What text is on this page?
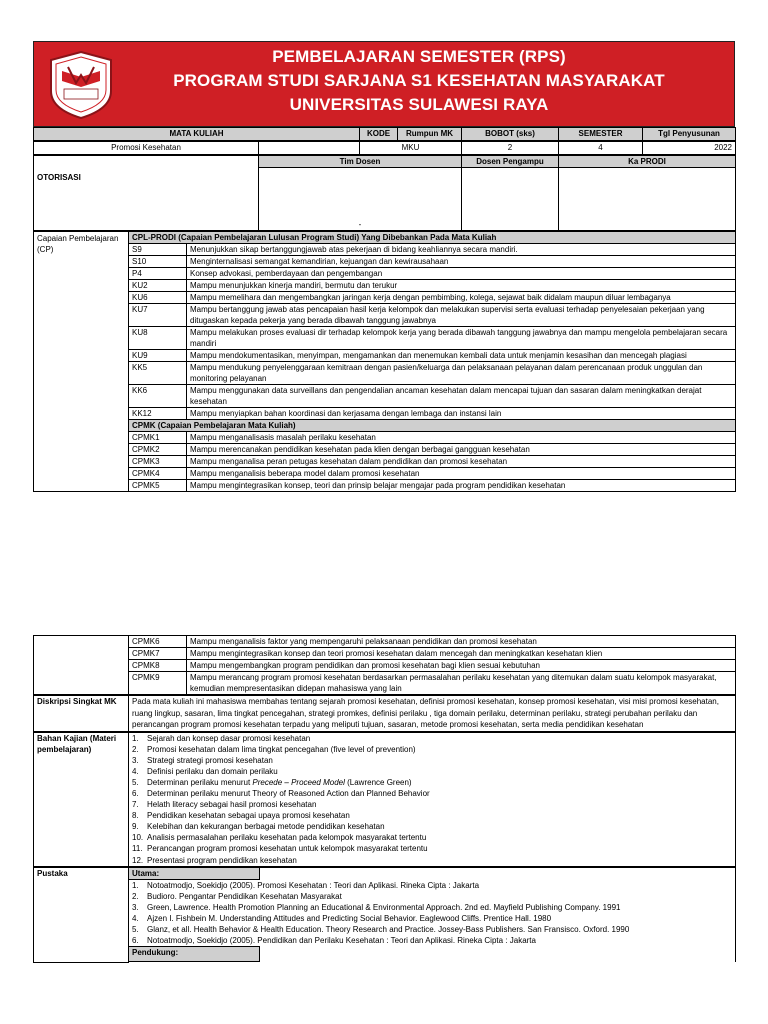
PEMBELAJARAN SEMESTER (RPS)
PROGRAM STUDI SARJANA S1 KESEHATAN MASYARAKAT
UNIVERSITAS SULAWESI RAYA
MATA KULIAH	KODE	Rumpun MK	BOBOT (sks)	SEMESTER	Tgl Penyusunan
Promosi Kesehatan		MKU	2	4	2022
OTORISASI	Tim Dosen	Dosen Pengampu	Ka PRODI
	-		
Capaian Pembelajaran (CP)	CPL-PRODI (Capaian Pembelajaran Lulusan Program Studi) Yang Dibebankan Pada Mata Kuliah	
	S9	Menunjukkan sikap bertanggungjawab atas pekerjaan di bidang keahliannya secara mandiri.
	S10	Menginternalisasi semangat kemandirian, kejuangan dan kewirausahaan
	P4	Konsep advokasi, pemberdayaan dan pengembangan
	KU2	Mampu menunjukkan kinerja mandiri, bermutu dan terukur
	KU6	Mampu memelihara dan mengembangkan jaringan kerja dengan pembimbing, kolega, sejawat baik didalam maupun diluar lembaganya
	KU7	Mampu bertanggung jawab atas pencapaian hasil kerja kelompok dan melakukan supervisi serta evaluasi terhadap penyelesaian pekerjaan yang ditugaskan kepada pekerja yang berada dibawah tanggung jawabnya
	KU8	Mampu melakukan proses evaluasi dir terhadap kelompok kerja yang berada dibawah tanggung jawabnya dan mampu mengelola pembelajaran secara mandiri
	KU9	Mampu mendokumentasikan, menyimpan, mengamankan dan menemukan kembali data untuk menjamin kesasihan dan mencegah plagiasi
	KK5	Mampu mendukung penyelenggaraan kemitraan dengan pasien/keluarga dan pelaksanaan pelayanan dalam perencanaan produk unggulan dan monitoring pelayanan
	KK6	Mampu menggunakan data surveillans dan pengendalian ancaman kesehatan dalam mencapai tujuan dan sasaran dalam meningkatkan derajat kesehatan
	KK12	Mampu menyiapkan bahan koordinasi dan kerjasama dengan lembaga dan instansi lain
	CPMK (Capaian Pembelajaran Mata Kuliah)	
	CPMK1	Mampu menganalisasis masalah perilaku kesehatan
	CPMK2	Mampu merencanakan pendidikan kesehatan pada klien dengan berbagai gangguan kesehatan
	CPMK3	Mampu menganalisa peran petugas kesehatan dalam pendidikan dan promosi kesehatan
	CPMK4	Mampu menganalisis beberapa model dalam promosi kesehatan
	CPMK5	Mampu mengintegrasikan konsep, teori dan prinsip belajar mengajar pada program pendidikan kesehatan
	CPMK6	Mampu menganalisis faktor yang mempengaruhi pelaksanaan pendidikan dan promosi kesehatan
	CPMK7	Mampu mengintegrasikan konsep dan teori promosi kesehatan dalam mencegah dan meningkatkan kesehatan klien
	CPMK8	Mampu mengembangkan program pendidikan dan promosi kesehatan bagi klien sesuai kebutuhan
	CPMK9	Mampu merancang program promosi kesehatan berdasarkan permasalahan perilaku kesehatan yang ditemukan dalam suatu kelompok masyarakat, kemudian mempresentasikan didepan mahasiswa yang lain
Diskripsi Singkat MK	Pada mata kuliah ini mahasiswa membahas tentang sejarah promosi kesehatan, definisi promosi kesehatan, konsep promosi kesehatan, visi misi promosi kesehatan, ruang lingkup, sasaran, lima tingkat pencegahan, strategi promkes, definisi perilaku , tiga domain perilaku, determinan perilaku, strategi perubahan perilaku dan perancangan program promosi kesehatan terpadu yang meliputi tujuan, sasaran, metode promosi kesehatan, serta media pendidikan kesehatan
Bahan Kajian (Materi pembelajaran)	
1. Sejarah dan konsep dasar promosi kesehatan
2. Promosi kesehatan dalam lima tingkat pencegahan (five level of prevention)
3. Strategi strategi promosi kesehatan
4. Definisi perilaku dan domain perilaku
5. Determinan perilaku menurut Precede – Proceed Model (Lawrence Green)
6. Determinan perilaku menurut Theory of Reasoned Action dan Planned Behavior
7. Helath literacy sebagai hasil promosi kesehatan
8. Pendidikan kesehatan sebagai upaya promosi kesehatan
9. Kelebihan dan kekurangan berbagai metode pendidikan kesehatan
10. Analisis permasalahan perilaku kesehatan pada kelompok masyarakat tertentu
11. Perancangan program promosi kesehatan untuk kelompok masyarakat tertentu
12. Presentasi program pendidikan kesehatan
Pustaka	Utama:
1. Notoatmodjo, Soekidjo (2005). Promosi Kesehatan : Teori dan Aplikasi. Rineka Cipta : Jakarta
2. Budioro. Pengantar Pendidikan Kesehatan Masyarakat
3. Green, Lawrence. Health Promotion Planning an Educational & Environmental Approach. 2nd ed. Mayfield Publishing Company. 1991
4. Ajzen I. Fishbein M. Understanding Attitudes and Predicting Social Behavior. Eaglewood Cliffs. Prentice Hall. 1980
5. Glanz, et all. Health Behavior & Health Education. Theory Research and Practice. Jossey-Bass Publishers. San Fransisco. Oxford. 1990
6. Notoatmodjo, Soekidjo (2005). Pendidikan dan Perilaku Kesehatan : Teori dan Aplikasi. Rineka Cipta : Jakarta
Pendukung:
